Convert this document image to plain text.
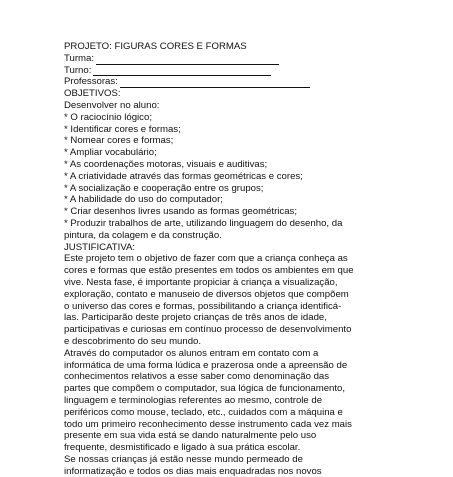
PROJETO: FIGURAS CORES E FORMAS
Turma:
Turno:
Professoras:
OBJETIVOS:
Desenvolver no aluno:
* O raciocínio lógico;
* Identificar cores e formas;
* Nomear cores e formas;
* Ampliar vocabulário;
* As coordenações motoras, visuais e auditivas;
* A criatividade através das formas geométricas e cores;
* A socialização e cooperação entre os grupos;
* A habilidade do uso do computador;
* Criar desenhos livres usando as formas geométricas;
* Produzir trabalhos de arte, utilizando linguagem do desenho, da
pintura, da colagem e da construção.
JUSTIFICATIVA:
Este projeto tem o objetivo de fazer com que a criança conheça as
cores e formas que estão presentes em todos os ambientes em que
vive. Nesta fase, é importante propiciar à criança a visualização,
exploração, contato e manuseio de diversos objetos que compõem
o universo das cores e formas, possibilitando a criança identificá-
las. Participarão deste projeto crianças de três anos de idade,
participativas e curiosas em contínuo processo de desenvolvimento
e descobrimento do seu mundo.
Através do computador os alunos entram em contato com a
informática de uma forma lúdica e prazerosa onde a apreensão de
conhecimentos relativos a esse saber como denominação das
partes que compõem o computador, sua lógica de funcionamento,
linguagem e terminologias referentes ao mesmo, controle de
periféricos como mouse, teclado, etc., cuidados com a máquina e
todo um primeiro reconhecimento desse instrumento cada vez mais
presente em sua vida está se dando naturalmente pelo uso
frequente, desmistificado e ligado à sua prática escolar.
Se nossas crianças já estão nesse mundo permeado de
informatização e todos os dias mais enquadradas nos novos
